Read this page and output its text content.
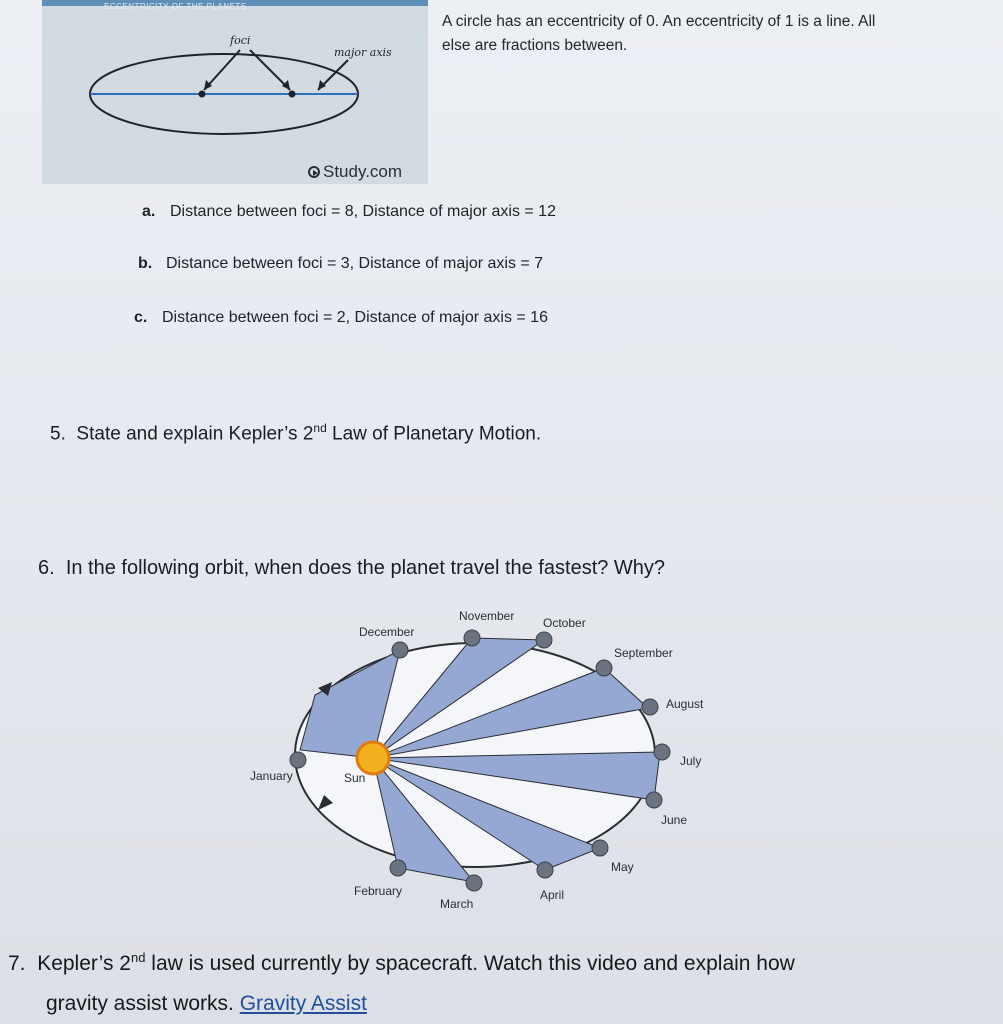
ECCENTRICITY OF THE PLANETS
foci
major axis
Study.com
A circle has an eccentricity of 0. An eccentricity of 1 is a line. All else are fractions between.
a. Distance between foci = 8, Distance of major axis = 12
b. Distance between foci = 3, Distance of major axis = 7
c. Distance between foci = 2, Distance of major axis = 16
5. State and explain Kepler’s 2nd Law of Planetary Motion.
6. In the following orbit, when does the planet travel the fastest? Why?
Sun
January
February
March
April
May
June
July
August
September
October
November
December
7. Kepler’s 2nd law is used currently by spacecraft. Watch this video and explain how
gravity assist works. Gravity Assist
